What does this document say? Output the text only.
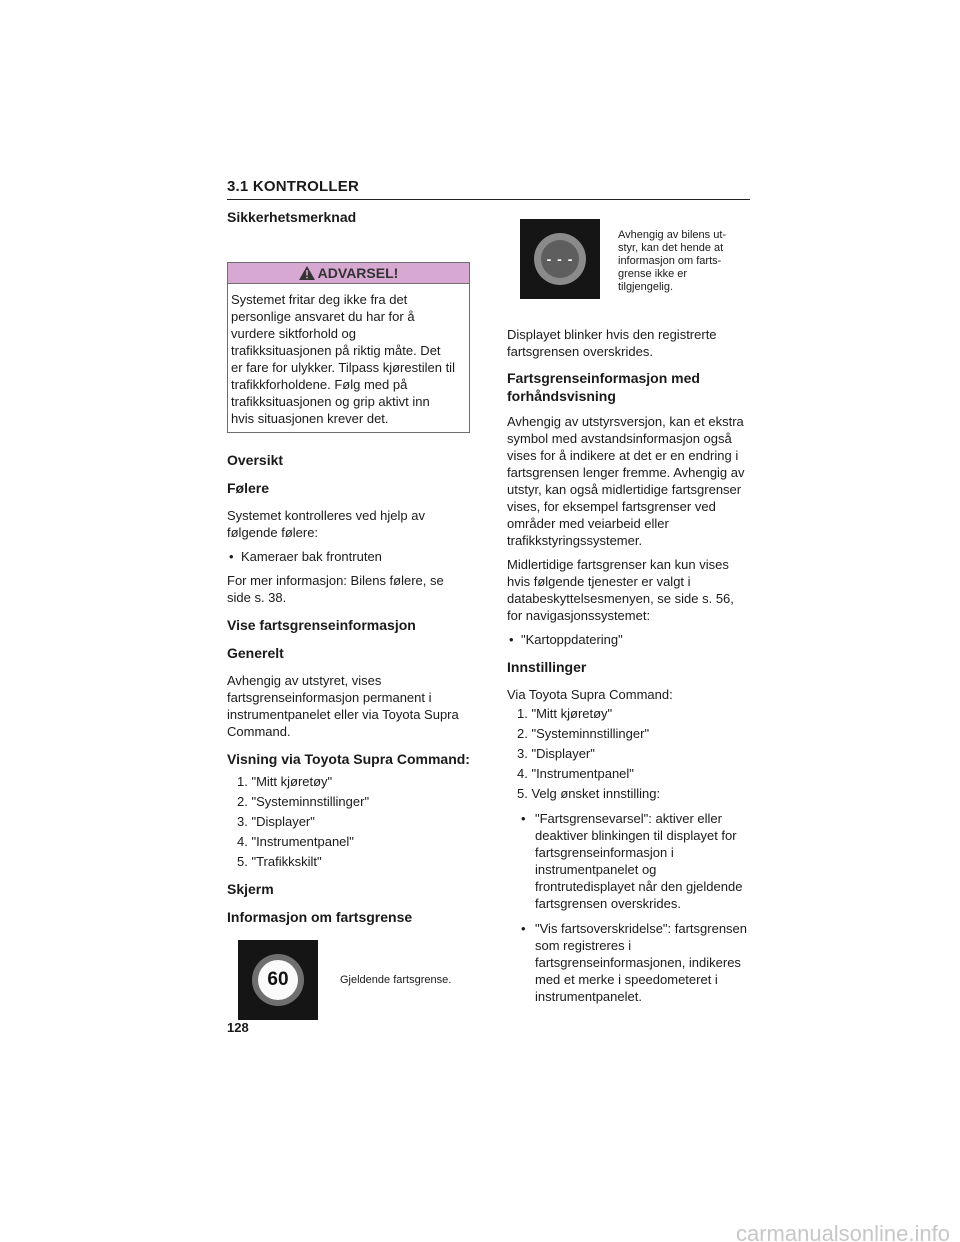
3.1 KONTROLLER
Sikkerhetsmerknad
ADVARSEL!

Systemet fritar deg ikke fra det

personlige ansvaret du har for å

vurdere siktforhold og

trafikksituasjonen på riktig måte. Det

er fare for ulykker. Tilpass kjørestilen til

trafikkforholdene. Følg med på

trafikksituasjonen og grip aktivt inn

hvis situasjonen krever det.

Oversikt
Følere

Systemet kontrolleres ved hjelp av følgende følere:

• Kameraer bak frontruten

For mer informasjon: Bilens følere, se side s. 38.

Vise fartsgrenseinformasjon
Generelt

Avhengig av utstyret, vises fartsgrenseinformasjon permanent i instrumentpanelet eller via Toyota Supra Command.

Visning via Toyota Supra Command:
1. "Mitt kjøretøy"
2. "Systeminnstillinger"
3. "Displayer"
4. "Instrumentpanel"
5. "Trafikkskilt"
Skjerm
Informasjon om fartsgrense
60	Gjeldende fartsgrense.
- - -
Avhengig av bilens ut-
styr, kan det hende at
informasjon om farts-
grense ikke er
tilgjengelig.

Displayet blinker hvis den registrerte fartsgrensen overskrides.

Fartsgrenseinformasjon med
forhåndsvisning

Avhengig av utstyrsversjon, kan et ekstra symbol med avstandsinformasjon også vises for å indikere at det er en endring i fartsgrensen lenger fremme. Avhengig av utstyr, kan også midlertidige fartsgrenser vises, for eksempel fartsgrenser ved områder med veiarbeid eller trafikkstyringssystemer.

Midlertidige fartsgrenser kan kun vises hvis følgende tjenester er valgt i databeskyttelsesmenyen, se side s. 56, for navigasjonssystemet:

• "Kartoppdatering"
Innstillinger

Via Toyota Supra Command:

1. "Mitt kjøretøy"
2. "Systeminnstillinger"
3. "Displayer"
4. "Instrumentpanel"
5. Velg ønsket innstilling:
• "Fartsgrensevarsel": aktiver eller deaktiver blinkingen til displayet for fartsgrenseinformasjon i instrumentpanelet og frontrutedisplayet når den gjeldende fartsgrensen overskrides.
• "Vis fartsoverskridelse": fartsgrensen som registreres i fartsgrenseinformasjonen, indikeres med et merke i speedometeret i instrumentpanelet.
128
carmanualsonline.info
